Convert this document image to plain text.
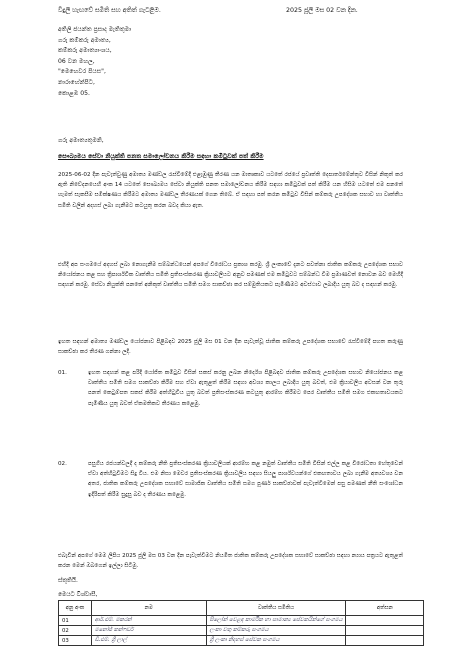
විදුලි හැඟවේ සමිති සහ අතිත් ගැටළිම.	2025 ජූලි මස 02 වන දින.
අතිලි ජයන්ත ප්‍රසාද මැතිතුමා
ගරු කම්කරු අමාත්‍ය,
කම්කරු අමාත්‍යාංශය,
06 වන මහල,
"මෙහෙවර පියස",
නාරාහේන්පිට,
කොළඹ 05.
ගරු අමාත්‍යතුමනි,
සෞඛ්‍යමය සේවා නියුක්ති පනත සමාලෝචනය කිරීම සඳහා කමිටුවක් පත් කිරීම
2025-06-02 දින පැවැත්වුණු අමාත්‍ය මණ්ඩල රැස්වීමේදී එළැඹුණු තීරණ යන මාතෘකාව යටතේ රජයේ ප්‍රවෘත්ති දෙපාර්තමේන්තුව විසින් නිකුත් කර ඇති නිවේදනයෙහි අංක 14 යටතේ සෞඛ්‍යමය සේවා නියුක්ති පනත සමාලෝචනය කිරීම සඳහා කමිටුවක් පත් කිරීම යන හිසිම යටතේ එම පනතේ හැමත් සැකසීම සමීක්ෂණය කිරීමට අමාත්‍ය මණ්ඩල තීරණයක් ගෙන තිබේ. ඒ සඳහා පත් කරන කමිටුව විසින් කම්කරු උපදේශක සභාව හා වෘත්තීය සමිති වලින් අදහස් ලබා ගැනීමට කටයුතු කරන බවද කියා ඇත.
එහිදී අප සංගමයේ අදහස් ලබා නොගැනීම සම්බන්ධයෙන් අපගේ විරෝධය ප්‍රකාශ කරමු. ශ්‍රී ලංකාවේ දැනට පවත්නා ජාතික කම්කරු උපදේශක සභාව නියෝජනය කළ සහ ත්‍රිපාර්ශ්වික වෘත්තීය සමිති ප්‍රතිසංස්කරණ ක්‍රියාවලියට අනුව පමණක් එම කමිටුවට සම්බන්ධ වීම ප්‍රමාණවත් නොවන බව මෙහිදී සඳහන් කරමු. සේවා නියුක්ති පනතේ අනිකුත් වෘත්තීය සමිති සමග සාකච්ඡා කර සම්මුතියකට පැමිණීමට අවස්ථාව ලබාදිය යුතු බව ද සඳහන් කරමු.
ඉහත සඳහන් අමාත්‍ය මණ්ඩල යෝජනාව පිළිබඳව 2025 ජූලි මස 01 වන දින පැවැත්වූ ජාතික කම්කරු උපදේශක සභාවේ රැස්වීමේදී පහත කරුණු සාකච්ඡා කර තීරණ ගන්නා ලදී.
01.	ඉහත සඳහන් කළ පරිදි යෝජිත කමිටුව විසින් සකස් කරනු ලබන නිර්දේශ පිළිබඳව ජාතික කම්කරු උපදේශක සභාව නියෝජනය කළ වෘත්තීය සමිති සමග සාකච්ඡා කිරීම සහ ඒවා ඇතුළත් කිරීම සඳහා අවශ්‍ය කාලය ලබාදිය යුතු බවත්, එම ක්‍රියාවලිය අවසන් වන තුරු පනත් කෙටුම්පත සකස් කිරීම අත්හිටුවිය යුතු බවත් ප්‍රතිසංස්කරණ කටයුතු ආරම්භ කිරීමට පෙර වෘත්තීය සමිති සමග එකඟතාවයකට පැමිණිය යුතු බවත් ඒකමතිකව තීරණය කළෙමු.
02.	පසුගිය රජයන්වලදී ද කම්කරු නීති ප්‍රතිසංස්කරණ ක්‍රියාවලියක් ආරම්භ කළ නමුත් වෘත්තීය සමිති විසින් එල්ල කළ විරෝධතා හේතුවෙන් ඒවා අත්හිටුවීමට සිදු විය. එම නිසා මෙවර ප්‍රතිසංස්කරණ ක්‍රියාවලිය සඳහා සියලු පාර්ශ්වයන්ගේ එකඟතාවය ලබා ගැනීම අත්‍යවශ්‍ය වන අතර, ජාතික කම්කරු උපදේශක සභාවේ සාමාජික වෘත්තීය සමිති සමග පූර්ණ සාකච්ඡාවක් පැවැත්වීමෙන් පසු පමණක් නීති සංශෝධන ඉදිරිපත් කිරීම සුදුසු බව ද තීරණය කළෙමු.
එබැවින් අපගේ මෙම ලිපිය 2025 ජූලි මස 03 වන දින පැවැත්වීමට නියමිත ජාතික කම්කරු උපදේශක සභාවේ සාකච්ඡා සඳහා න්‍යාය පත්‍රයට ඇතුළත් කරන මෙන් ඔබගෙන් ඉල්ලා සිටිමු.
ස්තුතියි.
මෙයට විශ්වාසී,
අනු අංක	නම	වෘත්තීය සමිතිය	අත්සන
01	ආර්.එම්. මකරන්	සිලෝන් වෙළඳ කාර්මික හා සාමාන්‍ය සේවකයින්ගේ සංගමය	
02	මනෝජ් කන්ෆර්ඩ	ලංකා වතු කම්කරු සංගමය	
03	ඩී.එම්. ශ්‍රී ලාල්	ශ්‍රී ලංකා නිදහස් සේවක සංගමය	
